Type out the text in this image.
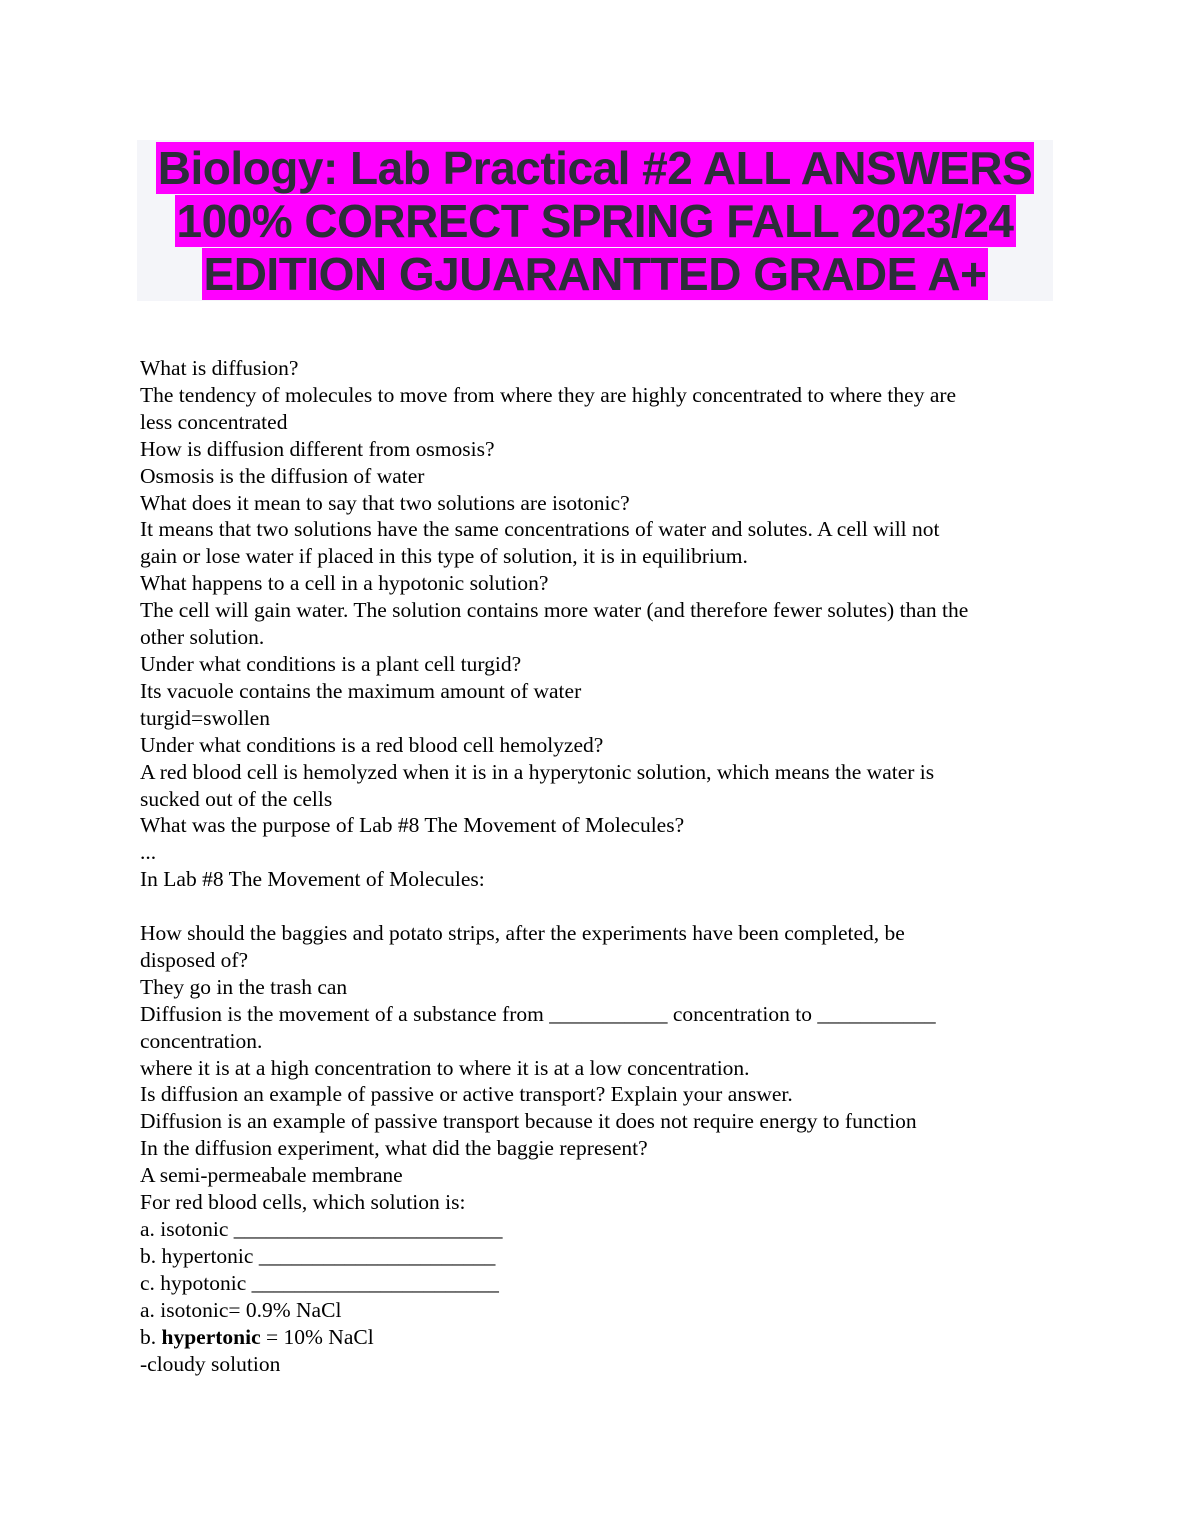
Biology: Lab Practical #2 ALL ANSWERS
100% CORRECT SPRING FALL 2023/24
EDITION GJUARANTTED GRADE A+
What is diffusion?
The tendency of molecules to move from where they are highly concentrated to where they are
less concentrated
How is diffusion different from osmosis?
Osmosis is the diffusion of water
What does it mean to say that two solutions are isotonic?
It means that two solutions have the same concentrations of water and solutes. A cell will not
gain or lose water if placed in this type of solution, it is in equilibrium.
What happens to a cell in a hypotonic solution?
The cell will gain water. The solution contains more water (and therefore fewer solutes) than the
other solution.
Under what conditions is a plant cell turgid?
Its vacuole contains the maximum amount of water
turgid=swollen
Under what conditions is a red blood cell hemolyzed?
A red blood cell is hemolyzed when it is in a hyperytonic solution, which means the water is
sucked out of the cells
What was the purpose of Lab #8 The Movement of Molecules?
...
In Lab #8 The Movement of Molecules:
How should the baggies and potato strips, after the experiments have been completed, be
disposed of?
They go in the trash can
Diffusion is the movement of a substance from ___________ concentration to ___________
concentration.
where it is at a high concentration to where it is at a low concentration.
Is diffusion an example of passive or active transport? Explain your answer.
Diffusion is an example of passive transport because it does not require energy to function
In the diffusion experiment, what did the baggie represent?
A semi-permeabale membrane
For red blood cells, which solution is:
a. isotonic _________________________
b. hypertonic ______________________
c. hypotonic _______________________
a. isotonic= 0.9% NaCl
b. hypertonic = 10% NaCl
-cloudy solution
